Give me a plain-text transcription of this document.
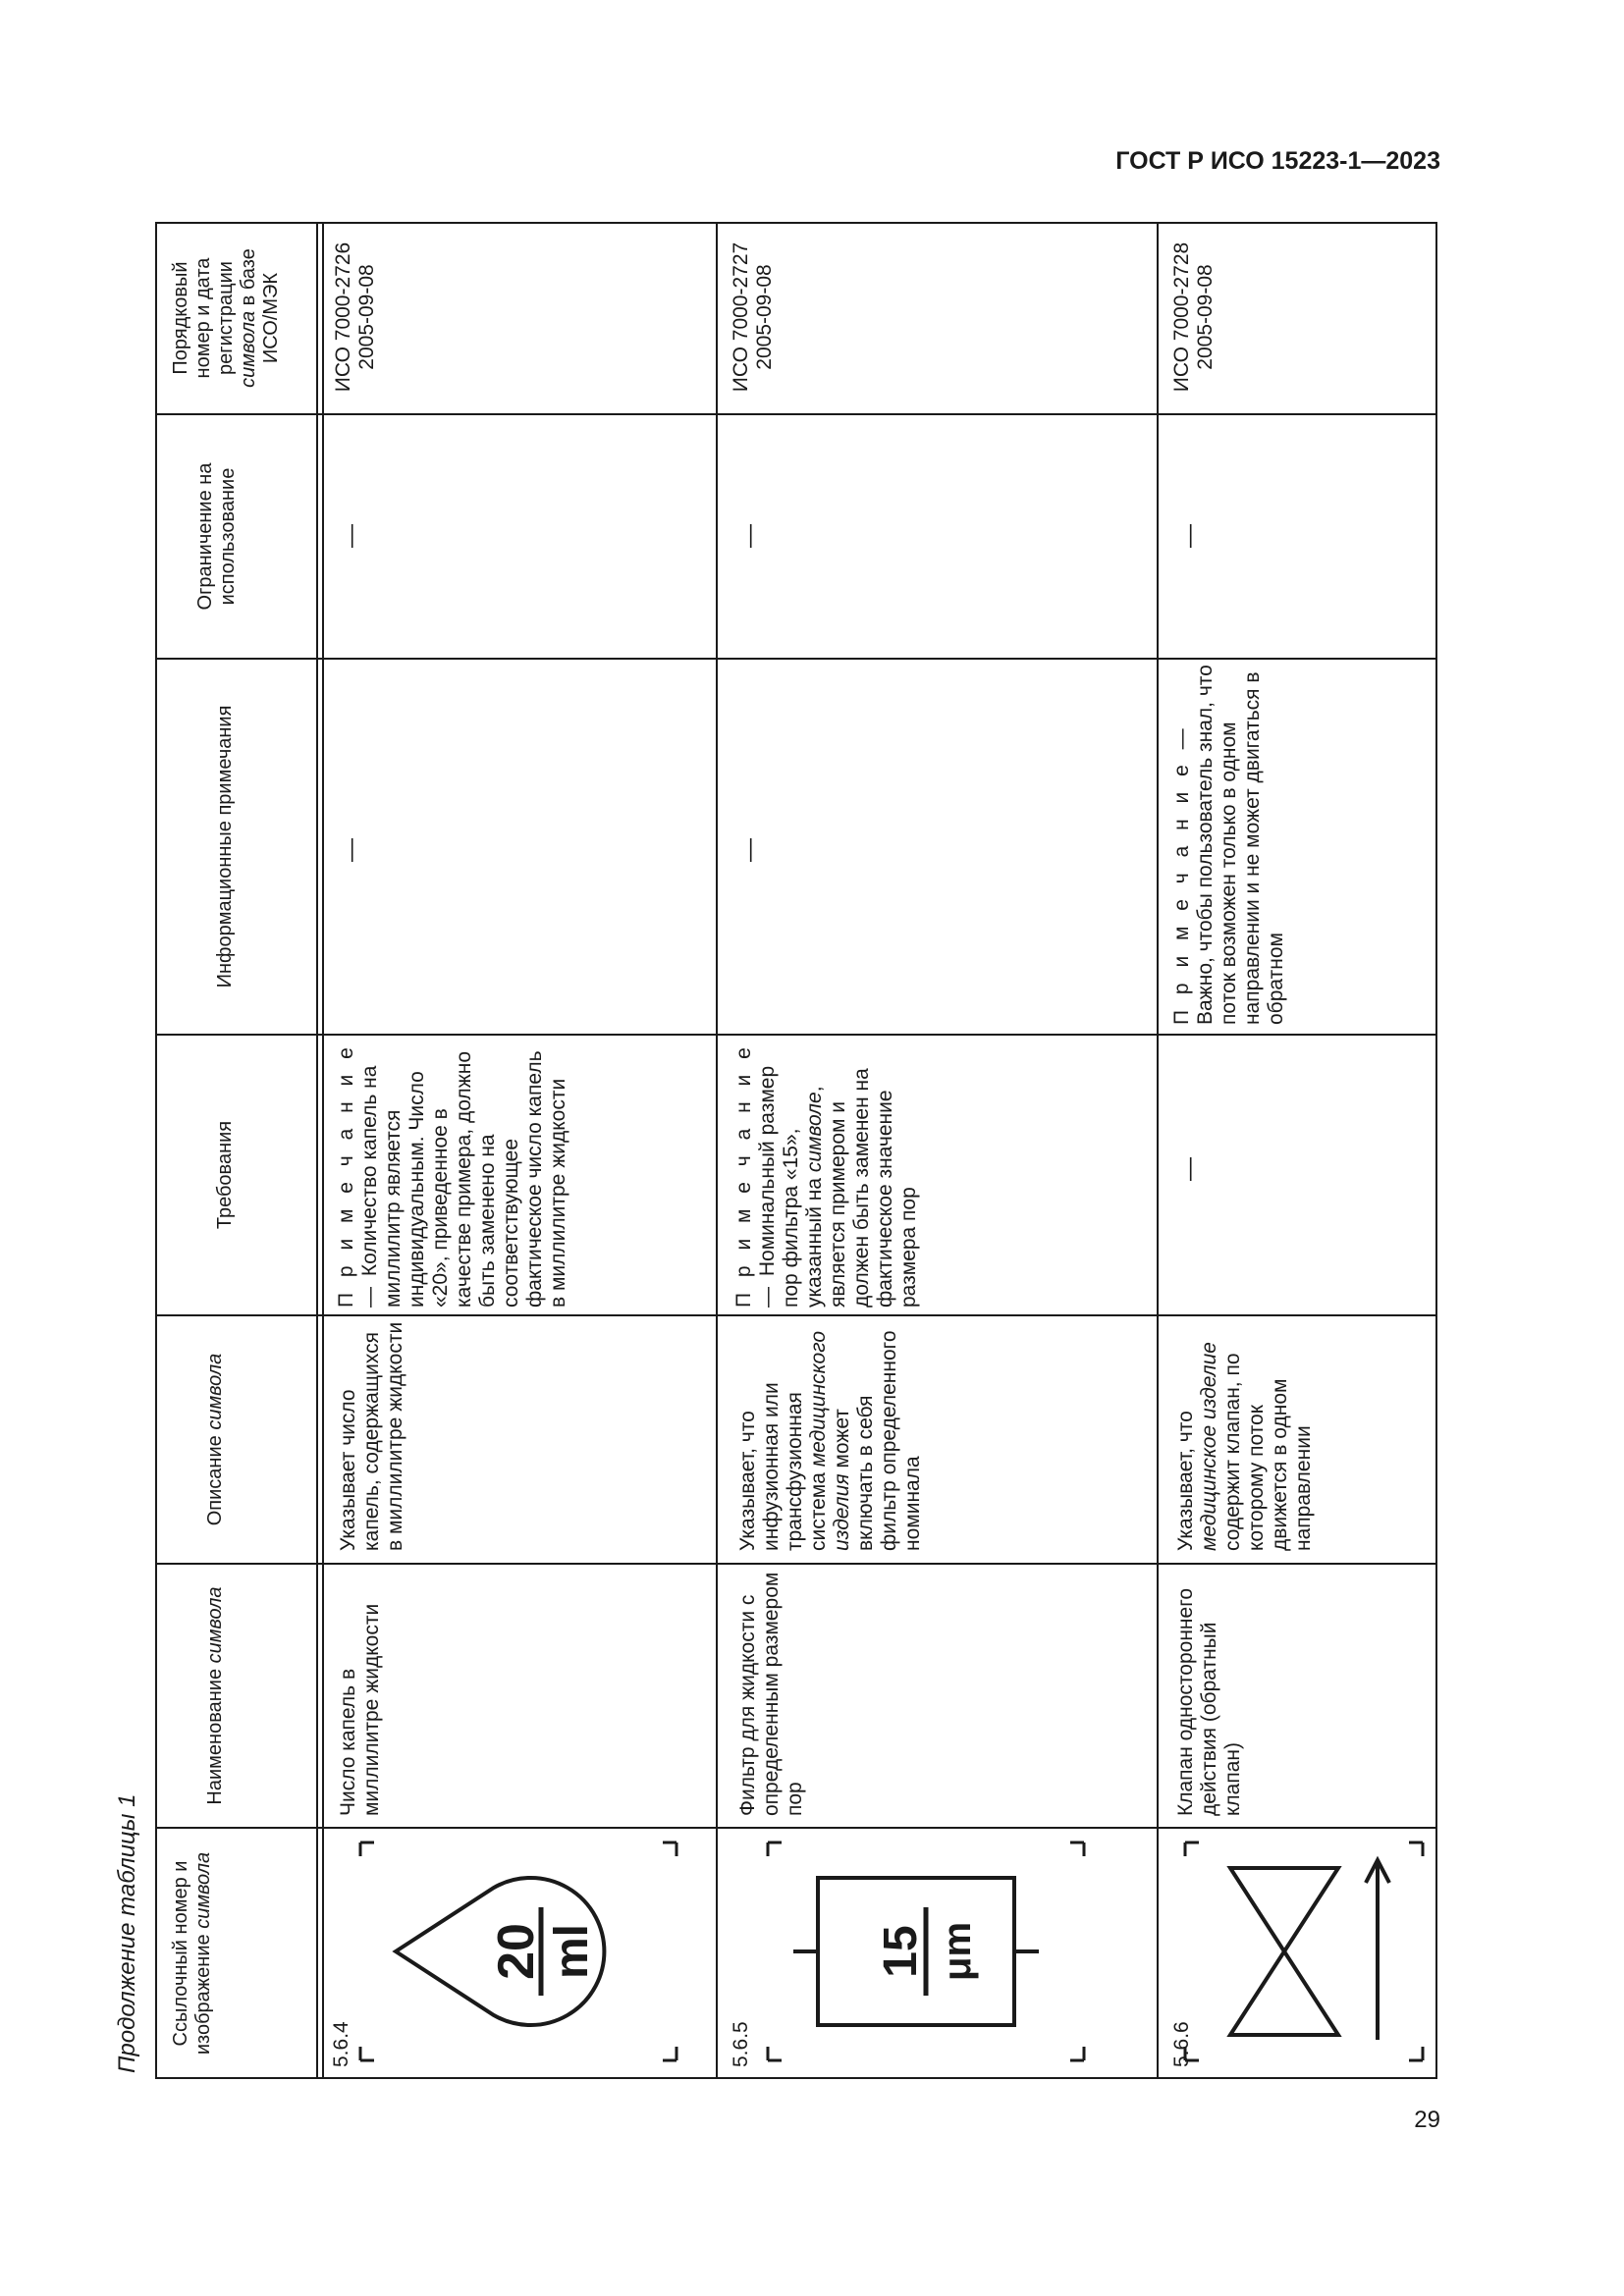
ГОСТ Р ИСО 15223-1—2023
Продолжение таблицы 1
29
Ссылочный номер и изображение символа
Наименование символа
Описание символа
Требования
Информационные примечания
Ограничение на использование
Порядковый номер и дата регистрации символа в базе ИСО/МЭК
5.6.4
20 ml
Число капель в миллилитре жидкости
Указывает число капель, содержащихся в миллилитре жидкости
П р и м е ч а н и е — Количество капель на миллилитр является индивидуальным. Число «20», приведенное в качестве примера, должно быть заменено на соответствующее фактическое число капель в миллилитре жидкости
—
—
ИСО 7000-2726 2005-09-08
5.6.5
15 μm
Фильтр для жидкости с определенным размером пор
Указывает, что инфузионная или трансфузионная система медицинского изделия может включать в себя фильтр определенного номинала
П р и м е ч а н и е — Номинальный размер пор фильтра «15», указанный на символе, является примером и должен быть заменен на фактическое значение размера пор
—
—
ИСО 7000-2727 2005-09-08
5.6.6
Клапан одностороннего действия (обратный клапан)
Указывает, что медицинское изделие содержит клапан, по которому поток движется в одном направлении
—
П р и м е ч а н и е — Важно, чтобы пользователь знал, что поток возможен только в одном направлении и не может двигаться в обратном
—
ИСО 7000-2728 2005-09-08
